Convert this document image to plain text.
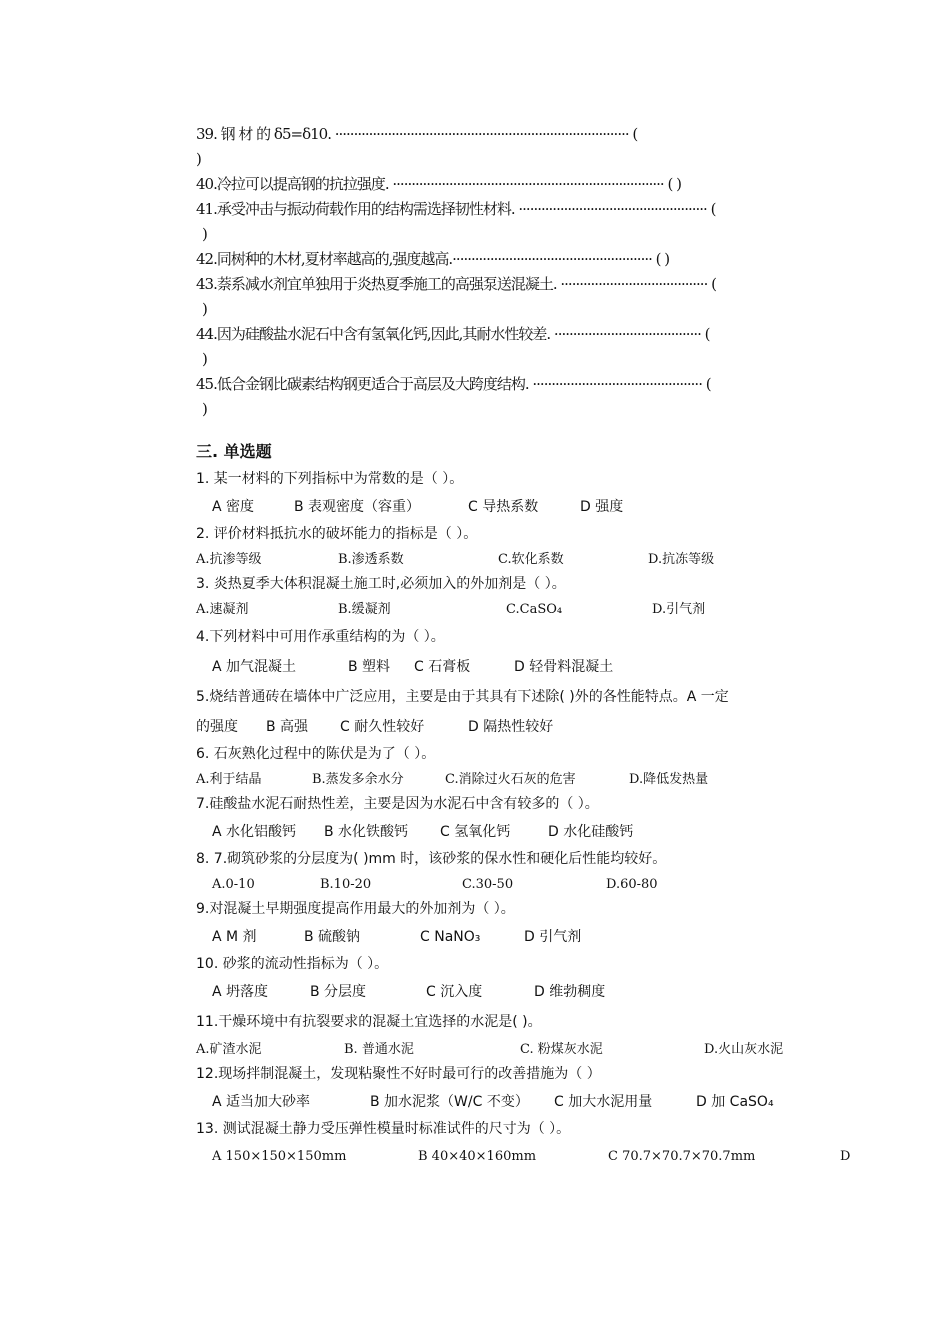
39. 钢 材 的 δ5=δ10. ·············································································· (
)
40.冷拉可以提高钢的抗拉强度. ········································································ ( )
41.承受冲击与振动荷载作用的结构需选择韧性材料. ·················································· (
)
42.同树种的木材,夏材率越高的,强度越高.····················································· ( )
43.萘系减水剂宜单独用于炎热夏季施工的高强泵送混凝土. ······································· (
)
44.因为硅酸盐水泥石中含有氢氧化钙,因此,其耐水性较差. ······································· (
)
45.低合金钢比碳素结构钢更适合于高层及大跨度结构. ············································· (
)
三. 单选题
1. 某一材料的下列指标中为常数的是（ ）。
A 密度	B 表观密度（容重）	C 导热系数	D 强度
2. 评价材料抵抗水的破坏能力的指标是（ ）。
A.抗渗等级	B.渗透系数	C.软化系数	D.抗冻等级
3. 炎热夏季大体积混凝土施工时,必须加入的外加剂是（ ）。
A.速凝剂	B.缓凝剂	C.CaSO₄	D.引气剂
4.下列材料中可用作承重结构的为（ ）。
A 加气混凝土	B 塑料 C 石膏板	D 轻骨料混凝土
5.烧结普通砖在墙体中广泛应用，主要是由于其具有下述除( )外的各性能特点。A 一定
的强度 B 高强 C 耐久性较好	D 隔热性较好
6. 石灰熟化过程中的陈伏是为了（ ）。
A.利于结晶	B.蒸发多余水分	C.消除过火石灰的危害	D.降低发热量
7.硅酸盐水泥石耐热性差，主要是因为水泥石中含有较多的（ ）。
A 水化铝酸钙 B 水化铁酸钙 C 氢氧化钙	D 水化硅酸钙
8. 7.砌筑砂浆的分层度为( )mm 时，该砂浆的保水性和硬化后性能均较好。
A.0-10	B.10-20	C.30-50	D.60-80
9.对混凝土早期强度提高作用最大的外加剂为（ ）。
A M 剂	B 硫酸钠	C NaNO₃	D 引气剂
10. 砂浆的流动性指标为（ ）。
A 坍落度	B 分层度	C 沉入度	D 维勃稠度
11.干燥环境中有抗裂要求的混凝土宜选择的水泥是( )。
A.矿渣水泥	B. 普通水泥	C. 粉煤灰水泥	D.火山灰水泥
12.现场拌制混凝土，发现粘聚性不好时最可行的改善措施为（ ）
A 适当加大砂率	B 加水泥浆（W/C 不变） C 加大水泥用量	D 加 CaSO₄
13. 测试混凝土静力受压弹性模量时标准试件的尺寸为（ ）。
A 150×150×150mm	B 40×40×160mm	C 70.7×70.7×70.7mm	D
